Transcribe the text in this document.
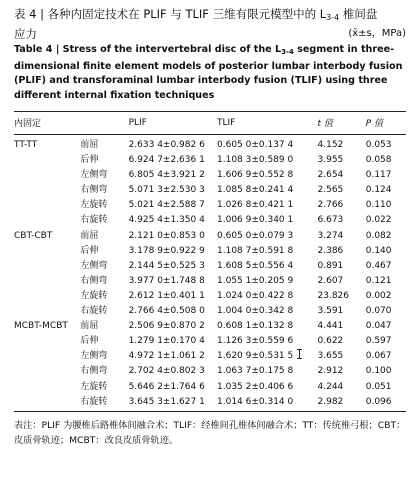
表 4 | 各种内固定技术在 PLIF 与 TLIF 三维有限元模型中的 $L_{3-4}$ 椎间盘
应力	(x̄±s，MPa)
Table 4 | Stress of the intervertebral disc of the $L_{3-4}$ segment in three-dimensional finite element models of posterior lumbar interbody fusion (PLIF) and transforaminal lumbar interbody fusion (TLIF) using three different internal fixation techniques
内固定		PLIF	TLIF	t 值	P 值
TT-TT	前屈	2.633 4±0.982 6	0.605 0±0.137 4	4.152	0.053
	后伸	6.924 7±2.636 1	1.108 3±0.589 0	3.955	0.058
	左侧弯	6.805 4±3.921 2	1.606 9±0.552 8	2.654	0.117
	右侧弯	5.071 3±2.530 3	1.085 8±0.241 4	2.565	0.124
	左旋转	5.021 4±2.588 7	1.026 8±0.421 1	2.766	0.110
	右旋转	4.925 4±1.350 4	1.006 9±0.340 1	6.673	0.022
CBT-CBT	前屈	2.121 0±0.853 0	0.605 0±0.079 3	3.274	0.082
	后伸	3.178 9±0.922 9	1.108 7±0.591 8	2.386	0.140
	左侧弯	2.144 5±0.525 3	1.608 5±0.556 4	0.891	0.467
	右侧弯	3.977 0±1.748 8	1.055 1±0.205 9	2.607	0.121
	左旋转	2.612 1±0.401 1	1.024 0±0.422 8	23.826	0.002
	右旋转	2.766 4±0.508 0	1.004 0±0.342 8	3.591	0.070
MCBT-MCBT	前屈	2.506 9±0.870 2	0.608 1±0.132 8	4.441	0.047
	后伸	1.279 1±0.170 4	1.126 3±0.559 6	0.622	0.597
	左侧弯	4.972 1±1.061 2	1.620 9±0.531 5	3.655	0.067
	右侧弯	2.702 4±0.802 3	1.063 7±0.175 8	2.912	0.100
	左旋转	5.646 2±1.764 6	1.035 2±0.406 6	4.244	0.051
	右旋转	3.645 3±1.627 1	1.014 6±0.314 0	2.982	0.096
表注：PLIF 为腰椎后路椎体间融合术；TLIF：经椎间孔椎体间融合术；TT：传统椎弓根；CBT：皮质骨轨迹；MCBT：改良皮质骨轨迹。
